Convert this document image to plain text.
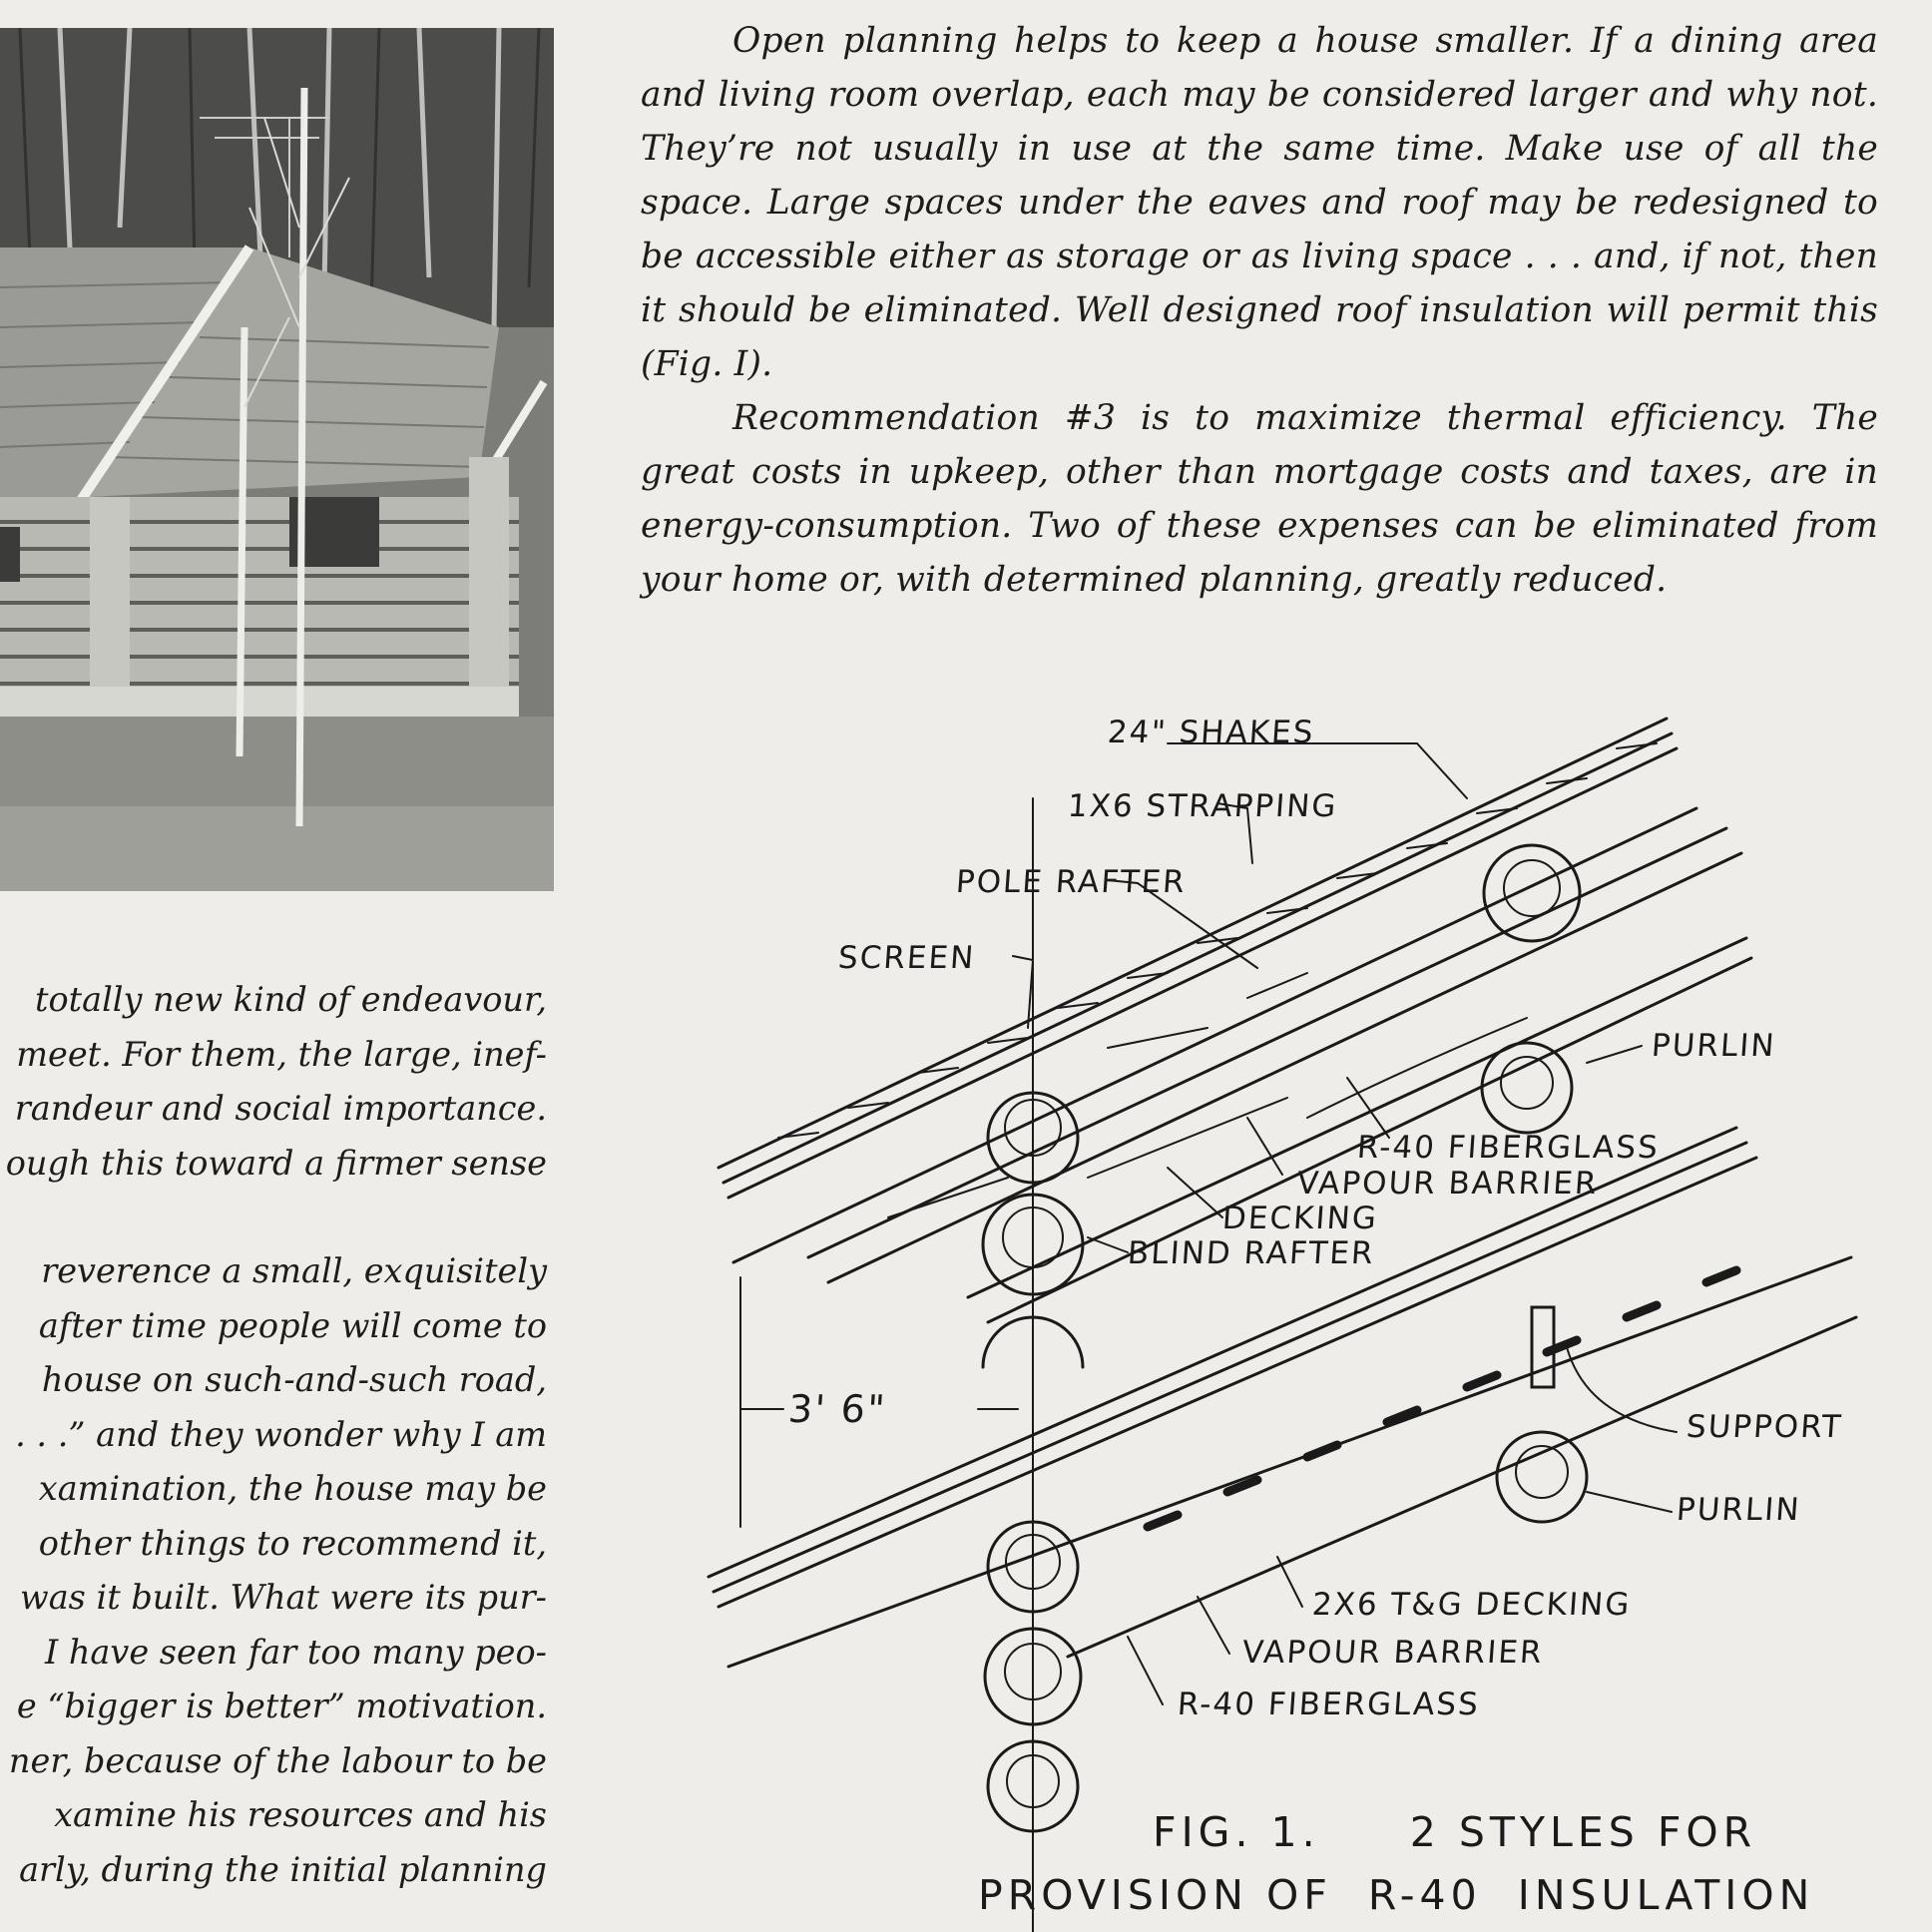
Open planning helps to keep a house smaller. If a dining area and living room overlap, each may be considered larger and why not. They’re not usually in use at the same time. Make use of all the space. Large spaces under the eaves and roof may be redesigned to be accessible either as storage or as living space . . . and, if not, then it should be eliminated. Well designed roof insulation will permit this (Fig. I).

Recommendation #3 is to maximize thermal efficiency. The great costs in upkeep, other than mortgage costs and taxes, are in energy-consumption. Two of these expenses can be eliminated from your home or, with determined planning, greatly reduced.

totally new kind of endeavour,
meet. For them, the large, inef-
randeur and social importance.
ough this toward a firmer sense
reverence a small, exquisitely
after time people will come to
house on such-and-such road,
. . .” and they wonder why I am
xamination, the house may be
other things to recommend it,
was it built. What were its pur-
I have seen far too many peo-
e “bigger is better” motivation.
ner, because of the labour to be
xamine his resources and his
arly, during the initial planning
24" SHAKES
1X6 STRAPPING
POLE RAFTER
SCREEN
PURLIN
R-40 FIBERGLASS
VAPOUR BARRIER
DECKING
BLIND RAFTER
3' 6"	SUPPORT
PURLIN
2X6 T&G DECKING
VAPOUR BARRIER
R-40 FIBERGLASS
FIG. 1.     2 STYLES FOR
PROVISION OF  R-40  INSULATION
